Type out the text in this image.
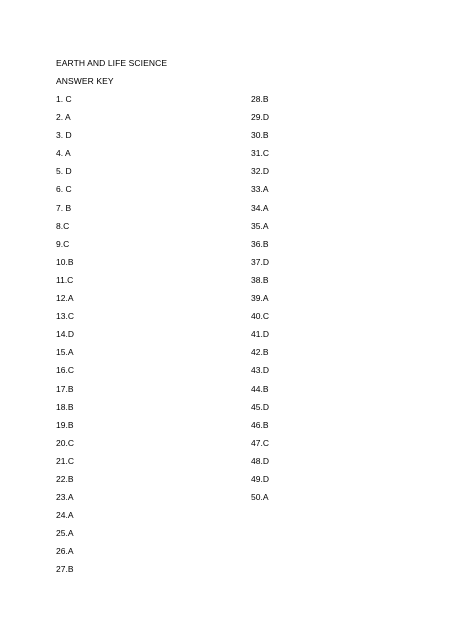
EARTH AND LIFE SCIENCE
ANSWER KEY
1. C
2. A
3. D
4. A
5. D
6. C
7. B
8.C
9.C
10.B
11.C
12.A
13.C
14.D
15.A
16.C
17.B
18.B
19.B
20.C
21.C
22.B
23.A
24.A
25.A
26.A
27.B
28.B
29.D
30.B
31.C
32.D
33.A
34.A
35.A
36.B
37.D
38.B
39.A
40.C
41.D
42.B
43.D
44.B
45.D
46.B
47.C
48.D
49.D
50.A
